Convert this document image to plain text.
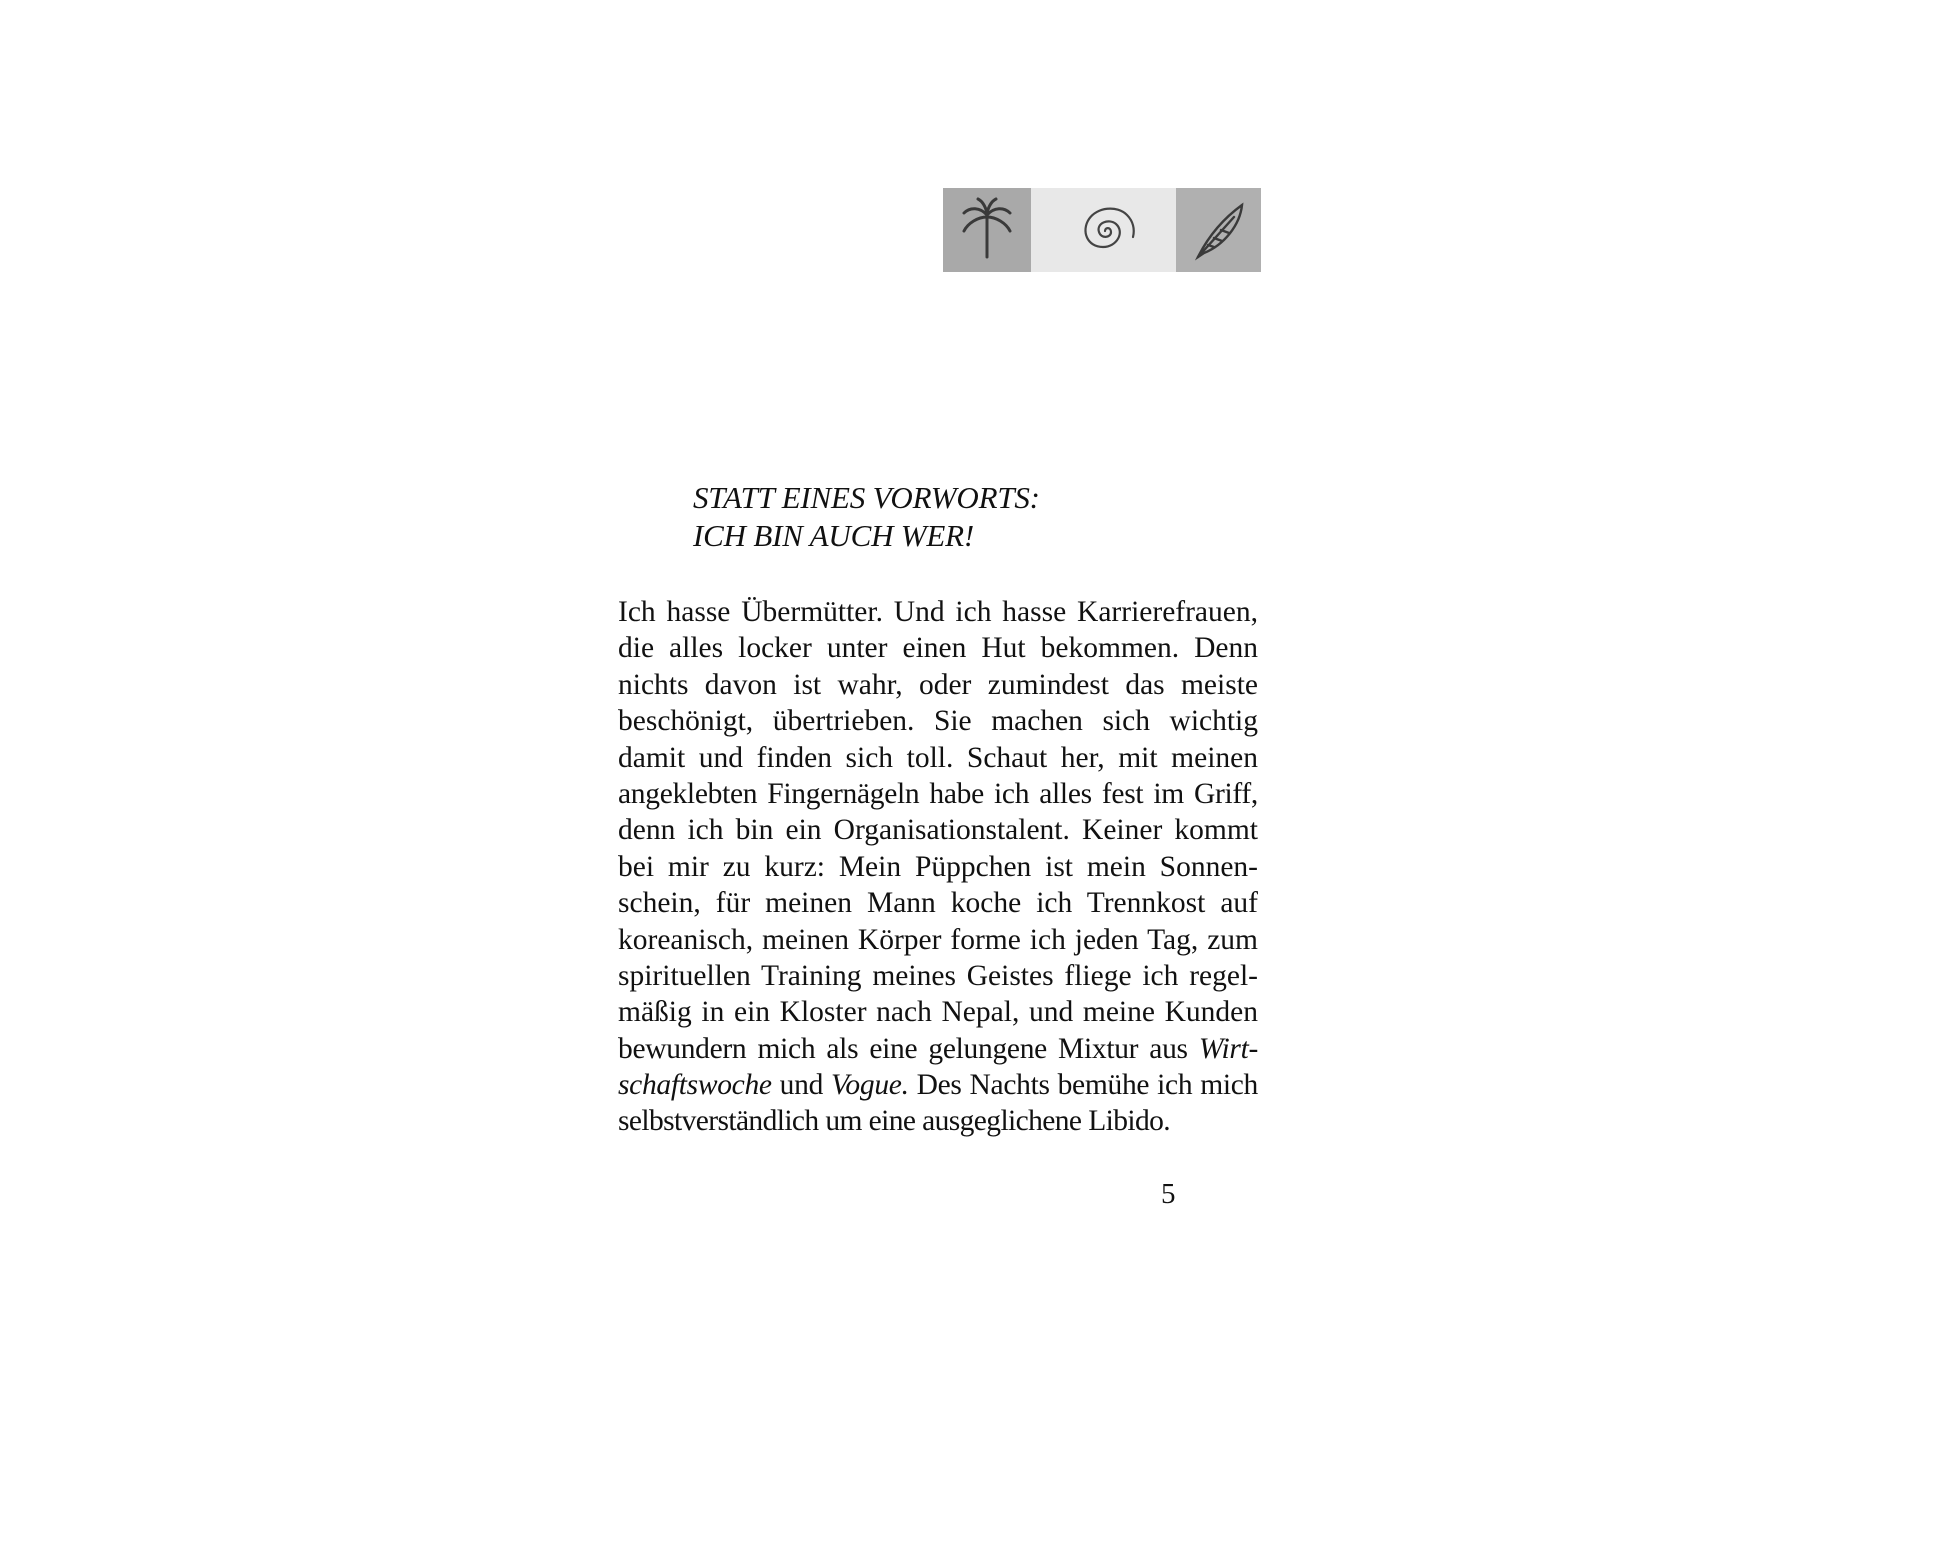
STATT EINES VORWORTS:
ICH BIN AUCH WER!
Ich hasse Übermütter. Und ich hasse Karrierefrauen,
die alles locker unter einen Hut bekommen. Denn
nichts davon ist wahr, oder zumindest das meiste
beschönigt, übertrieben. Sie machen sich wichtig
damit und finden sich toll. Schaut her, mit meinen
angeklebten Fingernägeln habe ich alles fest im Griff,
denn ich bin ein Organisationstalent. Keiner kommt
bei mir zu kurz: Mein Püppchen ist mein Sonnen-
schein, für meinen Mann koche ich Trennkost auf
koreanisch, meinen Körper forme ich jeden Tag, zum
spirituellen Training meines Geistes fliege ich regel-
mäßig in ein Kloster nach Nepal, und meine Kunden
bewundern mich als eine gelungene Mixtur aus Wirt-
schaftswoche und Vogue. Des Nachts bemühe ich mich
selbstverständlich um eine ausgeglichene Libido.
5
